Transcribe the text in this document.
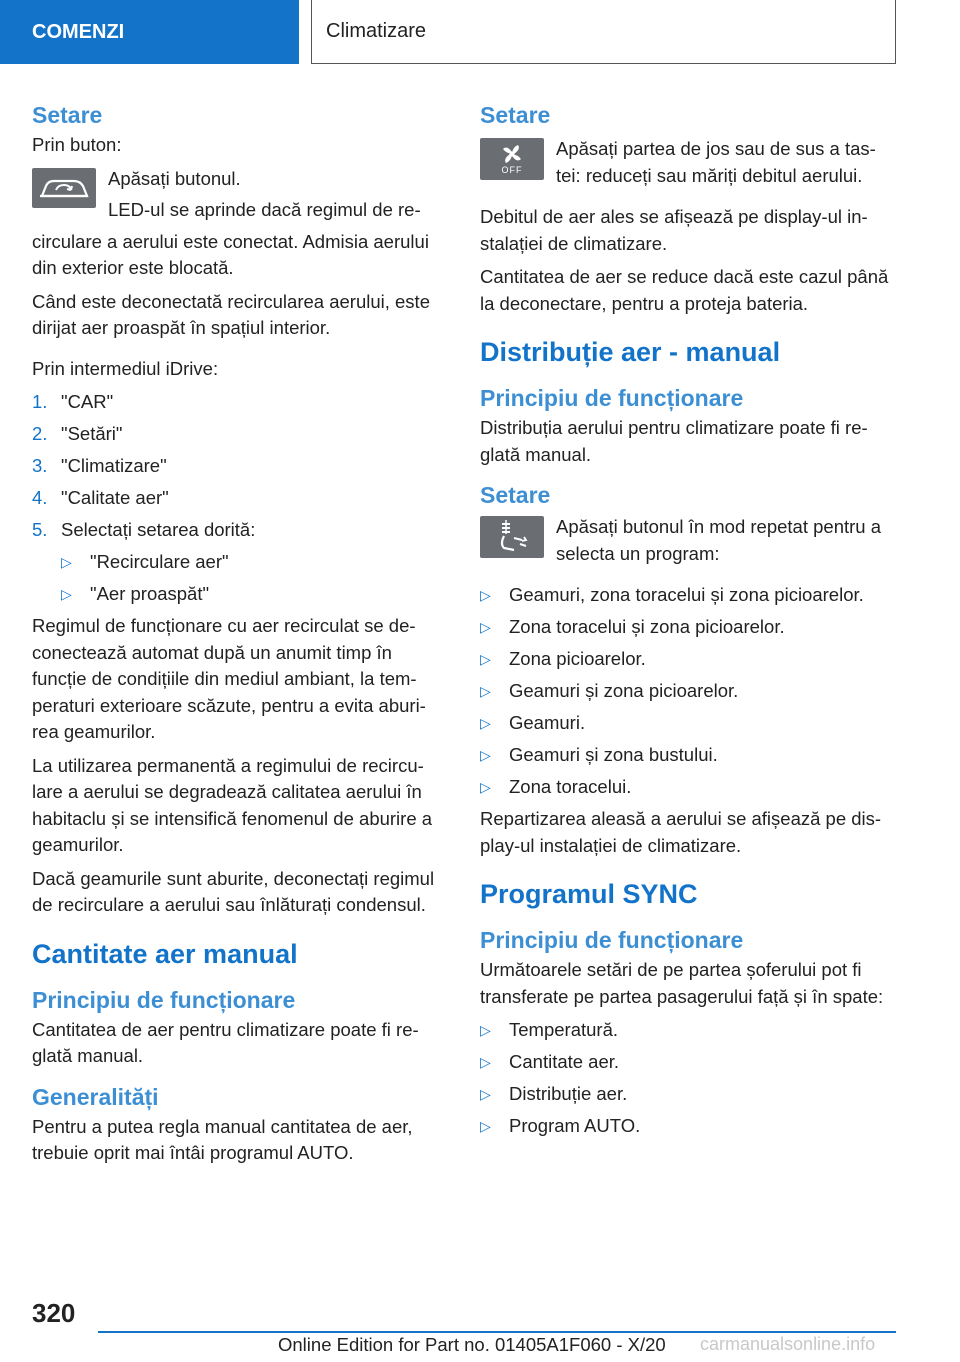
COMENZI	Climatizare
Setare

Prin buton:

Apăsați butonul.
LED-ul se aprinde dacă regimul de re-

circulare a aerului este conectat. Admisia aerului din exterior este blocată.

Când este deconectată recircularea aerului, este dirijat aer proaspăt în spațiul interior.

Prin intermediul iDrive:

1. "CAR"
2. "Setări"
3. "Climatizare"
4. "Calitate aer"
5. Selectați setarea dorită:
▷ "Recirculare aer"
▷ "Aer proaspăt"

Regimul de funcționare cu aer recirculat se de-conectează automat după un anumit timp în funcție de condițiile din mediul ambiant, la tem-peraturi exterioare scăzute, pentru a evita aburi-rea geamurilor.

La utilizarea permanentă a regimului de recircu-lare a aerului se degradează calitatea aerului în habitaclu și se intensifică fenomenul de aburire a geamurilor.

Dacă geamurile sunt aburite, deconectați regimul de recirculare a aerului sau înlăturați condensul.

Cantitate aer manual
Principiu de funcționare

Cantitatea de aer pentru climatizare poate fi re-glată manual.

Generalități

Pentru a putea regla manual cantitatea de aer, trebuie oprit mai întâi programul AUTO.

Setare
OFF
Apăsați partea de jos sau de sus a tas-tei: reduceți sau măriți debitul aerului.

Debitul de aer ales se afișează pe display-ul in-stalației de climatizare.

Cantitatea de aer se reduce dacă este cazul până la deconectare, pentru a proteja bateria.

Distribuție aer - manual
Principiu de funcționare

Distribuția aerului pentru climatizare poate fi re-glată manual.

Setare
Apăsați butonul în mod repetat pentru a selecta un program:
▷ Geamuri, zona toracelui și zona picioarelor.
▷ Zona toracelui și zona picioarelor.
▷ Zona picioarelor.
▷ Geamuri și zona picioarelor.
▷ Geamuri.
▷ Geamuri și zona bustului.
▷ Zona toracelui.

Repartizarea aleasă a aerului se afișează pe dis-play-ul instalației de climatizare.

Programul SYNC
Principiu de funcționare

Următoarele setări de pe partea șoferului pot fi transferate pe partea pasagerului față și în spate:

▷ Temperatură.
▷ Cantitate aer.
▷ Distribuție aer.
▷ Program AUTO.
320
Online Edition for Part no. 01405A1F060 - X/20 carmanualsonline.info
